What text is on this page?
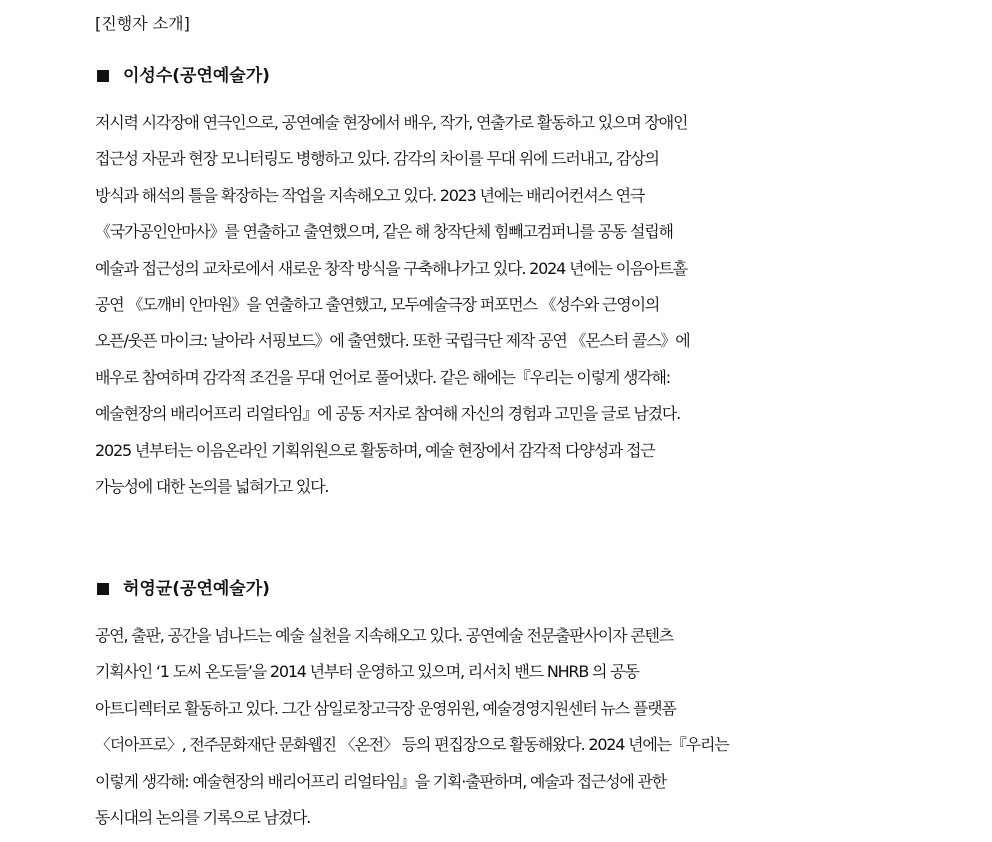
[진행자 소개]
이성수(공연예술가)
저시력 시각장애 연극인으로, 공연예술 현장에서 배우, 작가, 연출가로 활동하고 있으며 장애인
접근성 자문과 현장 모니터링도 병행하고 있다. 감각의 차이를 무대 위에 드러내고, 감상의
방식과 해석의 틀을 확장하는 작업을 지속해오고 있다. 2023 년에는 배리어컨셔스 연극
《국가공인안마사》를 연출하고 출연했으며, 같은 해 창작단체 힘빼고컴퍼니를 공동 설립해
예술과 접근성의 교차로에서 새로운 창작 방식을 구축해나가고 있다. 2024 년에는 이음아트홀
공연 《도깨비 안마원》을 연출하고 출연했고, 모두예술극장 퍼포먼스 《성수와 근영이의
오픈/웃픈 마이크: 날아라 서핑보드》에 출연했다. 또한 국립극단 제작 공연 《몬스터 콜스》에
배우로 참여하며 감각적 조건을 무대 언어로 풀어냈다. 같은 해에는『우리는 이렇게 생각해:
예술현장의 배리어프리 리얼타임』에 공동 저자로 참여해 자신의 경험과 고민을 글로 남겼다.
2025 년부터는 이음온라인 기획위원으로 활동하며, 예술 현장에서 감각적 다양성과 접근
가능성에 대한 논의를 넓혀가고 있다.
허영균(공연예술가)
공연, 출판, 공간을 넘나드는 예술 실천을 지속해오고 있다. 공연예술 전문출판사이자 콘텐츠
기획사인 ‘1 도씨 온도들’을 2014 년부터 운영하고 있으며, 리서치 밴드 NHRB 의 공동
아트디렉터로 활동하고 있다. 그간 삼일로창고극장 운영위원, 예술경영지원센터 뉴스 플랫폼
〈더아프로〉, 전주문화재단 문화웹진 〈온전〉 등의 편집장으로 활동해왔다. 2024 년에는『우리는
이렇게 생각해: 예술현장의 배리어프리 리얼타임』을 기획·출판하며, 예술과 접근성에 관한
동시대의 논의를 기록으로 남겼다.
